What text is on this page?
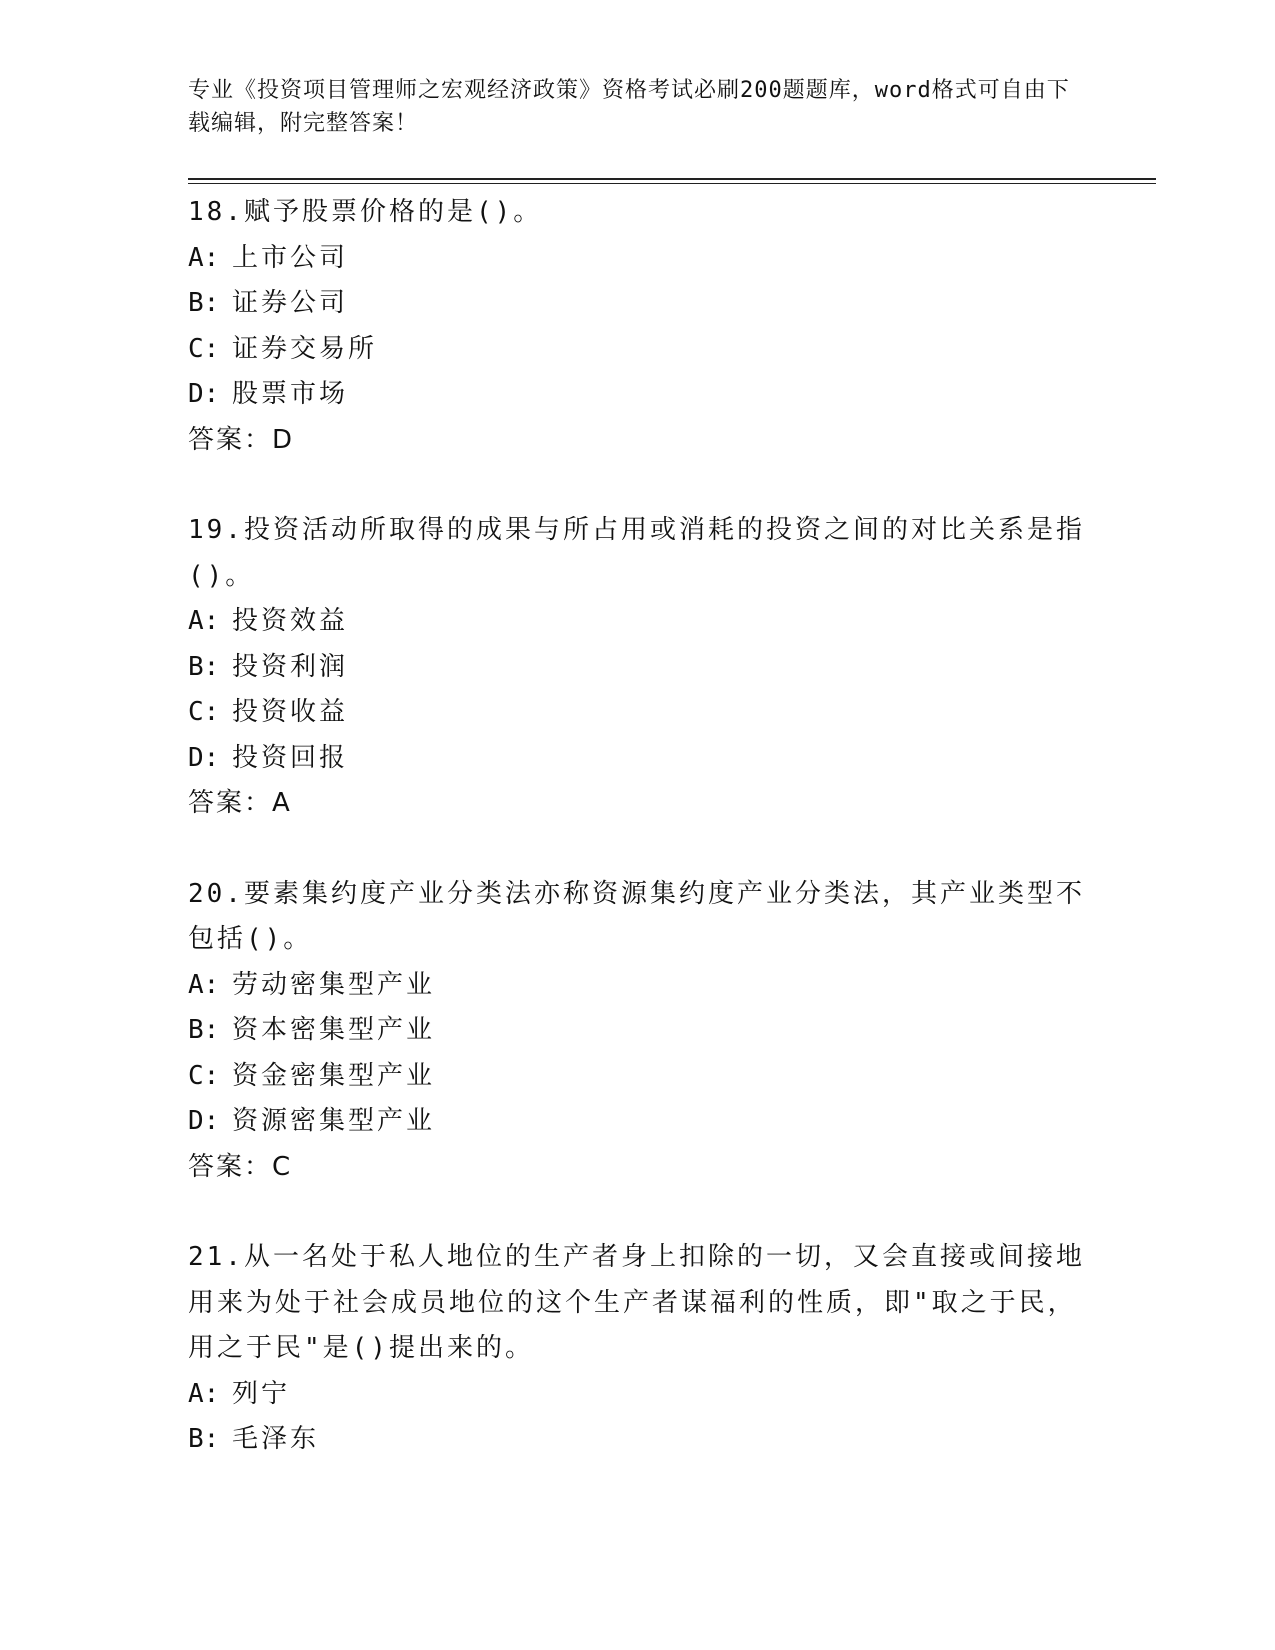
专业《投资项目管理师之宏观经济政策》资格考试必刷200题题库，word格式可自由下载编辑，附完整答案！
18.赋予股票价格的是()。
A: 上市公司
B: 证券公司
C: 证券交易所
D: 股票市场
答案：D
19.投资活动所取得的成果与所占用或消耗的投资之间的对比关系是指()。
A: 投资效益
B: 投资利润
C: 投资收益
D: 投资回报
答案：A
20.要素集约度产业分类法亦称资源集约度产业分类法，其产业类型不包括()。
A: 劳动密集型产业
B: 资本密集型产业
C: 资金密集型产业
D: 资源密集型产业
答案：C
21.从一名处于私人地位的生产者身上扣除的一切，又会直接或间接地用来为处于社会成员地位的这个生产者谋福利的性质，即"取之于民，用之于民"是()提出来的。
A: 列宁
B: 毛泽东
